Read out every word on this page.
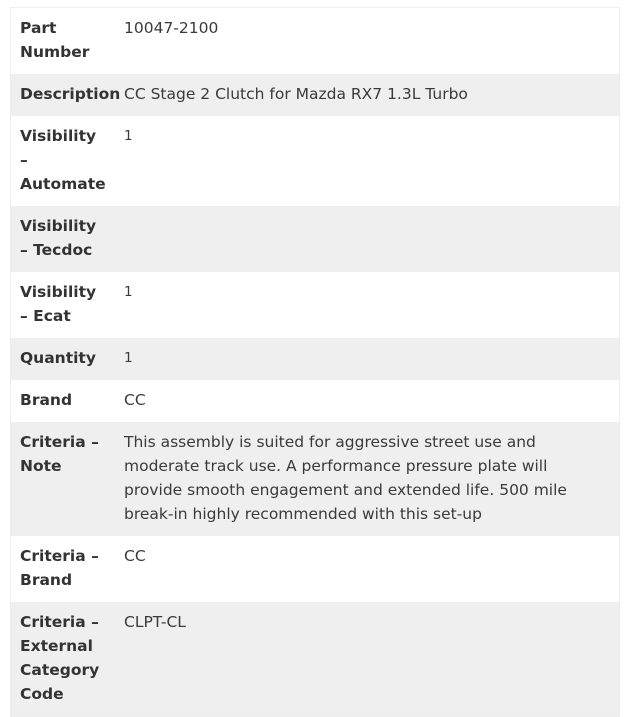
Part Number	10047-2100
Description	CC Stage 2 Clutch for Mazda RX7 1.3L Turbo
Visibility – Automate	1
Visibility – Tecdoc	
Visibility – Ecat	1
Quantity	1
Brand	CC
Criteria – Note	This assembly is suited for aggressive street use and moderate track use. A performance pressure plate will provide smooth engagement and extended life. 500 mile break-in highly recommended with this set-up
Criteria – Brand	CC
Criteria – External Category Code	CLPT-CL
